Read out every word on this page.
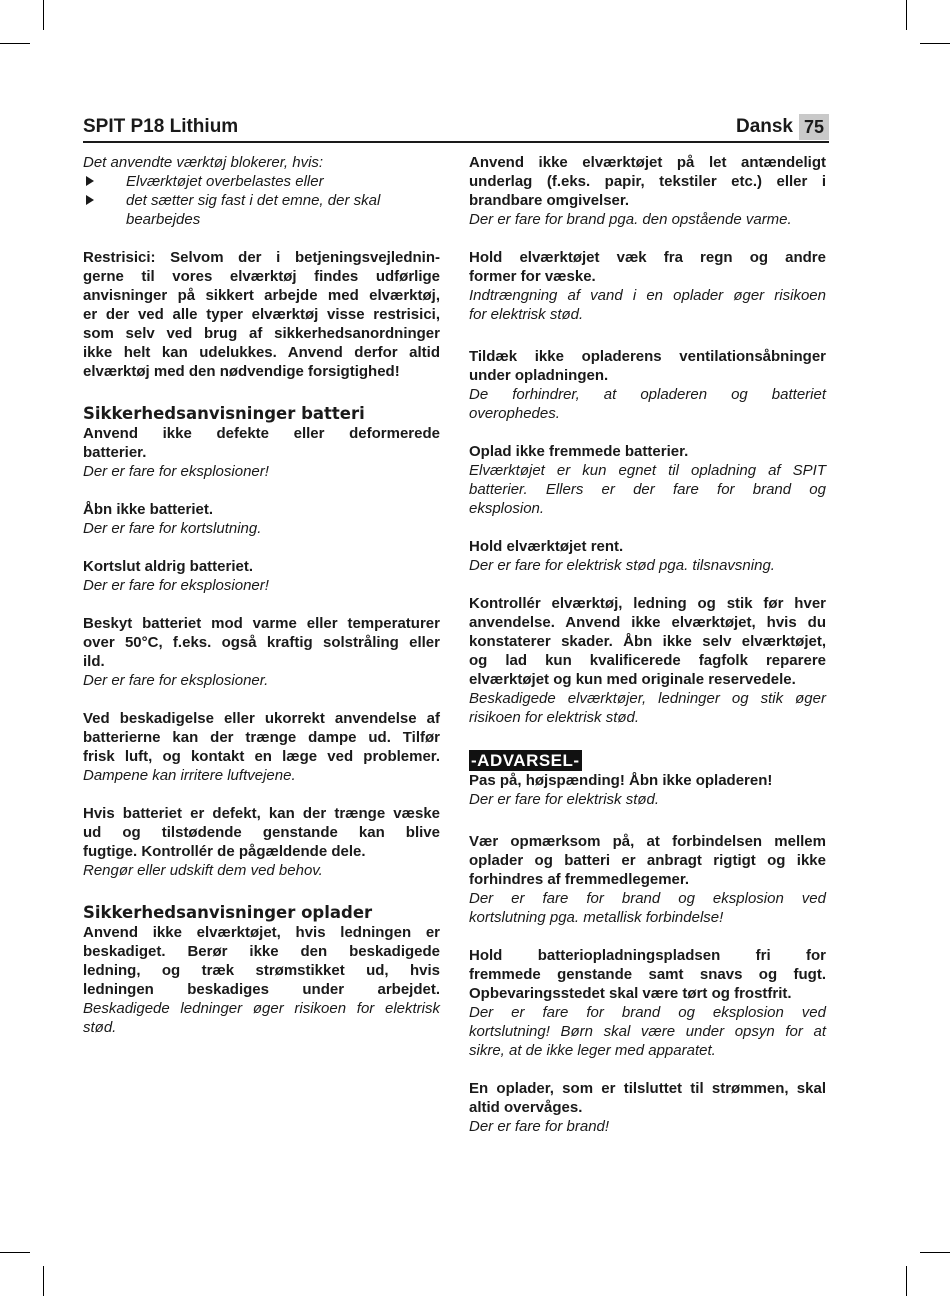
SPIT P18 Lithium	Dansk 75

Det anvendte værktøj blokerer, hvis:

Elværktøjet overbelastes eller
det sætter sig fast i det emne, der skal
bearbejdes

Restrisici: Selvom der i betjeningsvejlednin-

gerne til vores elværktøj findes udførlige

anvisninger på sikkert arbejde med elværktøj,

er der ved alle typer elværktøj visse restrisici,

som selv ved brug af sikkerhedsanordninger

ikke helt kan udelukkes. Anvend derfor altid

elværktøj med den nødvendige forsigtighed!

Sikkerhedsanvisninger batteri

Anvend ikke defekte eller deformerede

batterier.

Der er fare for eksplosioner!

Åbn ikke batteriet.

Der er fare for kortslutning.

Kortslut aldrig batteriet.

Der er fare for eksplosioner!

Beskyt batteriet mod varme eller temperaturer

over 50°C, f.eks. også kraftig solstråling eller

ild.

Der er fare for eksplosioner.

Ved beskadigelse eller ukorrekt anvendelse af

batterierne kan der trænge dampe ud. Tilfør

frisk luft, og kontakt en læge ved problemer.

Dampene kan irritere luftvejene.

Hvis batteriet er defekt, kan der trænge væske

ud og tilstødende genstande kan blive

fugtige. Kontrollér de pågældende dele.

Rengør eller udskift dem ved behov.

Sikkerhedsanvisninger oplader

Anvend ikke elværktøjet, hvis ledningen er

beskadiget. Berør ikke den beskadigede

ledning, og træk strømstikket ud, hvis

ledningen beskadiges under arbejdet.

Beskadigede ledninger øger risikoen for elektrisk

stød.

Anvend ikke elværktøjet på let antændeligt

underlag (f.eks. papir, tekstiler etc.) eller i

brandbare omgivelser.

Der er fare for brand pga. den opstående varme.

Hold elværktøjet væk fra regn og andre

former for væske.

Indtrængning af vand i en oplader øger risikoen

for elektrisk stød.

Tildæk ikke opladerens ventilationsåbninger

under opladningen.

De forhindrer, at opladeren og batteriet

overophedes.

Oplad ikke fremmede batterier.

Elværktøjet er kun egnet til opladning af SPIT

batterier. Ellers er der fare for brand og

eksplosion.

Hold elværktøjet rent.

Der er fare for elektrisk stød pga. tilsnavsning.

Kontrollér elværktøj, ledning og stik før hver

anvendelse. Anvend ikke elværktøjet, hvis du

konstaterer skader. Åbn ikke selv elværktøjet,

og lad kun kvalificerede fagfolk reparere

elværktøjet og kun med originale reservedele.

Beskadigede elværktøjer, ledninger og stik øger

risikoen for elektrisk stød.

-ADVARSEL-

Pas på, højspænding! Åbn ikke opladeren!

Der er fare for elektrisk stød.

Vær opmærksom på, at forbindelsen mellem

oplader og batteri er anbragt rigtigt og ikke

forhindres af fremmedlegemer.

Der er fare for brand og eksplosion ved

kortslutning pga. metallisk forbindelse!

Hold batteriopladningspladsen fri for

fremmede genstande samt snavs og fugt.

Opbevaringsstedet skal være tørt og frostfrit.

Der er fare for brand og eksplosion ved

kortslutning! Børn skal være under opsyn for at

sikre, at de ikke leger med apparatet.

En oplader, som er tilsluttet til strømmen, skal

altid overvåges.

Der er fare for brand!
